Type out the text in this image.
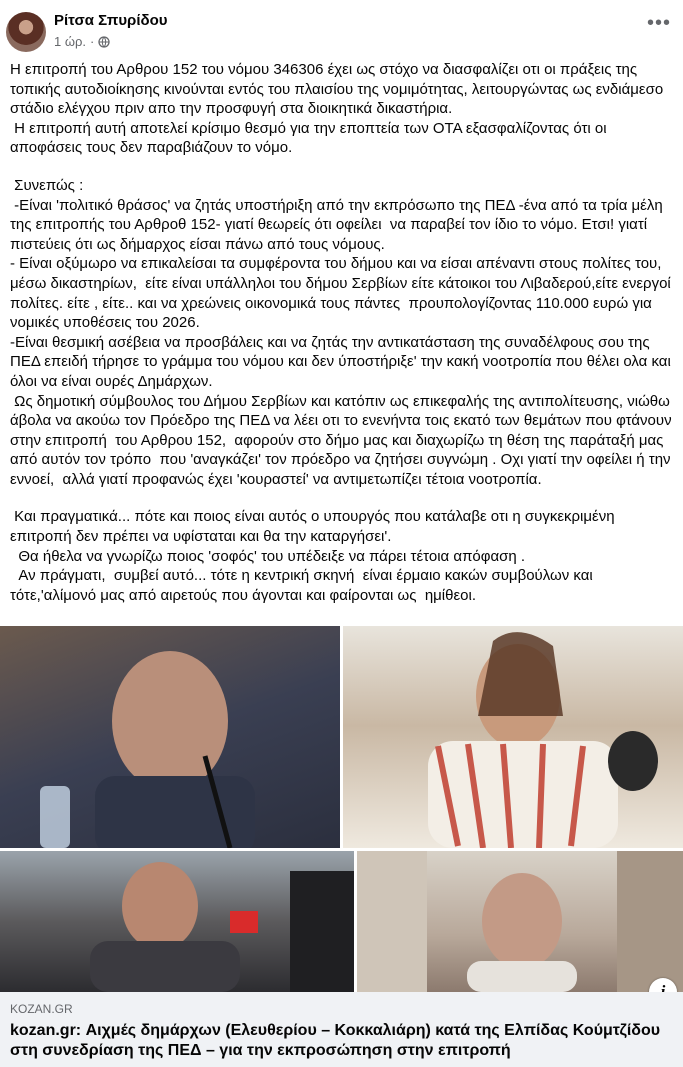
Ρίτσα Σπυρίδου
1 ώρ. ·
•••

Η επιτροπή του Αρθρου 152 του νόμου 346306 έχει ως στόχο να διασφαλίζει οτι οι πράξεις της τοπικής αυτοδιοίκησης κινούνται εντός του πλαισίου της νομιμότητας, λειτουργώντας ως ενδιάμεσο στάδιο ελέγχου πριν απο την προσφυγή στα διοικητικά δικαστήρια.

Η επιτροπή αυτή αποτελεί κρίσιμο θεσμό για την εποπτεία των ΟΤΑ εξασφαλίζοντας ότι οι αποφάσεις τους δεν παραβιάζουν το νόμο.

Συνεπώς :

-Είναι 'πολιτικό θράσος' να ζητάς υποστήριξη από την εκπρόσωπο της ΠΕΔ -ένα από τα τρία μέλη της επιτροπής του Αρθροθ 152- γιατί θεωρείς ότι οφείλει  να παραβεί τον ίδιο το νόμο. Ετσι! γιατί πιστεύεις ότι ως δήμαρχος είσαι πάνω από τους νόμους.

- Είναι οξύμωρο να επικαλείσαι τα συμφέροντα του δήμου και να είσαι απέναντι στους πολίτες του, μέσω δικαστηρίων,  είτε είναι υπάλληλοι του δήμου Σερβίων είτε κάτοικοι του Λιβαδερού,είτε ενεργοί πολίτες. είτε , είτε.. και να χρεώνεις οικονομικά τους πάντες  προυπολογίζοντας 110.000 ευρώ για νομικές υποθέσεις του 2026.

-Είναι θεσμική ασέβεια να προσβάλεις και να ζητάς την αντικατάσταση της συναδέλφους σου της ΠΕΔ επειδή τήρησε το γράμμα του νόμου και δεν ύποστήριξε' την κακή νοοτροπία που θέλει ολα και όλοι να είναι ουρές Δημάρχων.

Ως δημοτική σύμβουλος του Δήμου Σερβίων και κατόπιν ως επικεφαλής της αντιπολίτευσης, νιώθω άβολα να ακούω τον Πρόεδρο της ΠΕΔ να λέει οτι το ενενήντα τοις εκατό των θεμάτων που φτάνουν  στην επιτροπή  του Αρθρου 152,  αφορούν στο δήμο μας και διαχωρίζω τη θέση της παράταξή μας από αυτόν τον τρόπο  που 'αναγκάζει' τον πρόεδρο να ζητήσει συγνώμη . Οχι γιατί την οφείλει ή την εννοεί,  αλλά γιατί προφανώς έχει 'κουραστεί' να αντιμετωπίζει τέτοια νοοτροπία.

Και πραγματικά... πότε και ποιος είναι αυτός ο υπουργός που κατάλαβε οτι η συγκεκριμένη επιτροπή δεν πρέπει να υφίσταται και θα την καταργήσει'.

Θα ήθελα να γνωρίζω ποιος 'σοφός' του υπέδειξε να πάρει τέτοια απόφαση .

Αν πράγματι,  συμβεί αυτό... τότε η κεντρική σκηνή  είναι έρμαιο κακών συμβούλων και τότε,'αλίμονό μας από αιρετούς που άγονται και φαίρονται ως  ημίθεοι.

KOZAN.GR
kozan.gr: Αιχμές δημάρχων (Ελευθερίου – Κοκκαλιάρη) κατά της Ελπίδας Κούμτζίδου στη συνεδρίαση της ΠΕΔ – για την εκπροσώπηση στην επιτροπή
